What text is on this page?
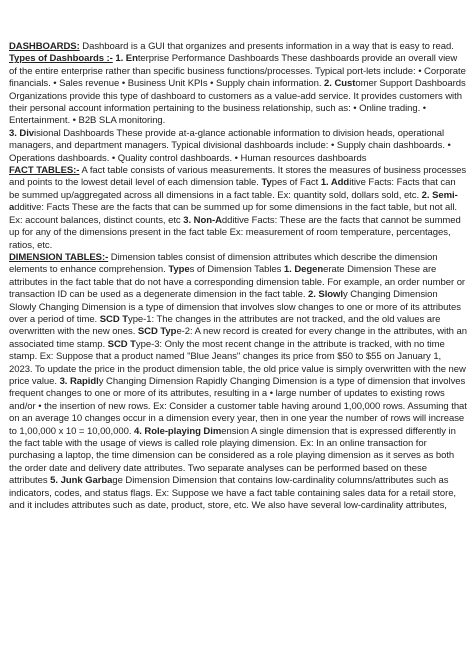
DASHBOARDS: Dashboard is a GUI that organizes and presents information in a way that is easy to read.
Types of Dashboards :- 1. Enterprise Performance Dashboards These dashboards provide an overall view of the entire enterprise rather than specific business functions/processes. Typical port-lets include: • Corporate financials. • Sales revenue • Business Unit KPIs • Supply chain information. 2. Customer Support Dashboards Organizations provide this type of dashboard to customers as a value-add service. It provides customers with their personal account information pertaining to the business relationship, such as: • Online trading. • Entertainment. • B2B SLA monitoring.
3. Divisional Dashboards These provide at-a-glance actionable information to division heads, operational managers, and department managers. Typical divisional dashboards include: • Supply chain dashboards. • Operations dashboards. • Quality control dashboards. • Human resources dashboards

FACT TABLES:- A fact table consists of various measurements. It stores the measures of business processes and points to the lowest detail level of each dimension table. Types of Fact 1. Additive Facts: Facts that can be summed up/aggregated across all dimensions in a fact table. Ex: quantity sold, dollars sold, etc. 2. Semi-additive: Facts These are the facts that can be summed up for some dimensions in the fact table, but not all. Ex: account balances, distinct counts, etc 3. Non-Additive Facts: These are the facts that cannot be summed up for any of the dimensions present in the fact table Ex: measurement of room temperature, percentages, ratios, etc.

DIMENSION TABLES:- Dimension tables consist of dimension attributes which describe the dimension elements to enhance comprehension. Types of Dimension Tables 1. Degenerate Dimension These are attributes in the fact table that do not have a corresponding dimension table. For example, an order number or transaction ID can be used as a degenerate dimension in the fact table. 2. Slowly Changing Dimension Slowly Changing Dimension is a type of dimension that involves slow changes to one or more of its attributes over a period of time. SCD Type-1: The changes in the attributes are not tracked, and the old values are overwritten with the new ones. SCD Type-2: A new record is created for every change in the attributes, with an associated time stamp. SCD Type-3: Only the most recent change in the attribute is tracked, with no time stamp. Ex: Suppose that a product named "Blue Jeans" changes its price from $50 to $55 on January 1, 2023. To update the price in the product dimension table, the old price value is simply overwritten with the new price value. 3. Rapidly Changing Dimension Rapidly Changing Dimension is a type of dimension that involves frequent changes to one or more of its attributes, resulting in a • large number of updates to existing rows and/or • the insertion of new rows. Ex: Consider a customer table having around 1,00,000 rows. Assuming that on an average 10 changes occur in a dimension every year, then in one year the number of rows will increase to 1,00,000 x 10 = 10,00,000. 4. Role-playing Dimension A single dimension that is expressed differently in the fact table with the usage of views is called role playing dimension. Ex: In an online transaction for purchasing a laptop, the time dimension can be considered as a role playing dimension as it serves as both the order date and delivery date attributes. Two separate analyses can be performed based on these attributes 5. Junk Garbage Dimension Dimension that contains low-cardinality columns/attributes such as indicators, codes, and status flags. Ex: Suppose we have a fact table containing sales data for a retail store, and it includes attributes such as date, product, store, etc. We also have several low-cardinality attributes,
